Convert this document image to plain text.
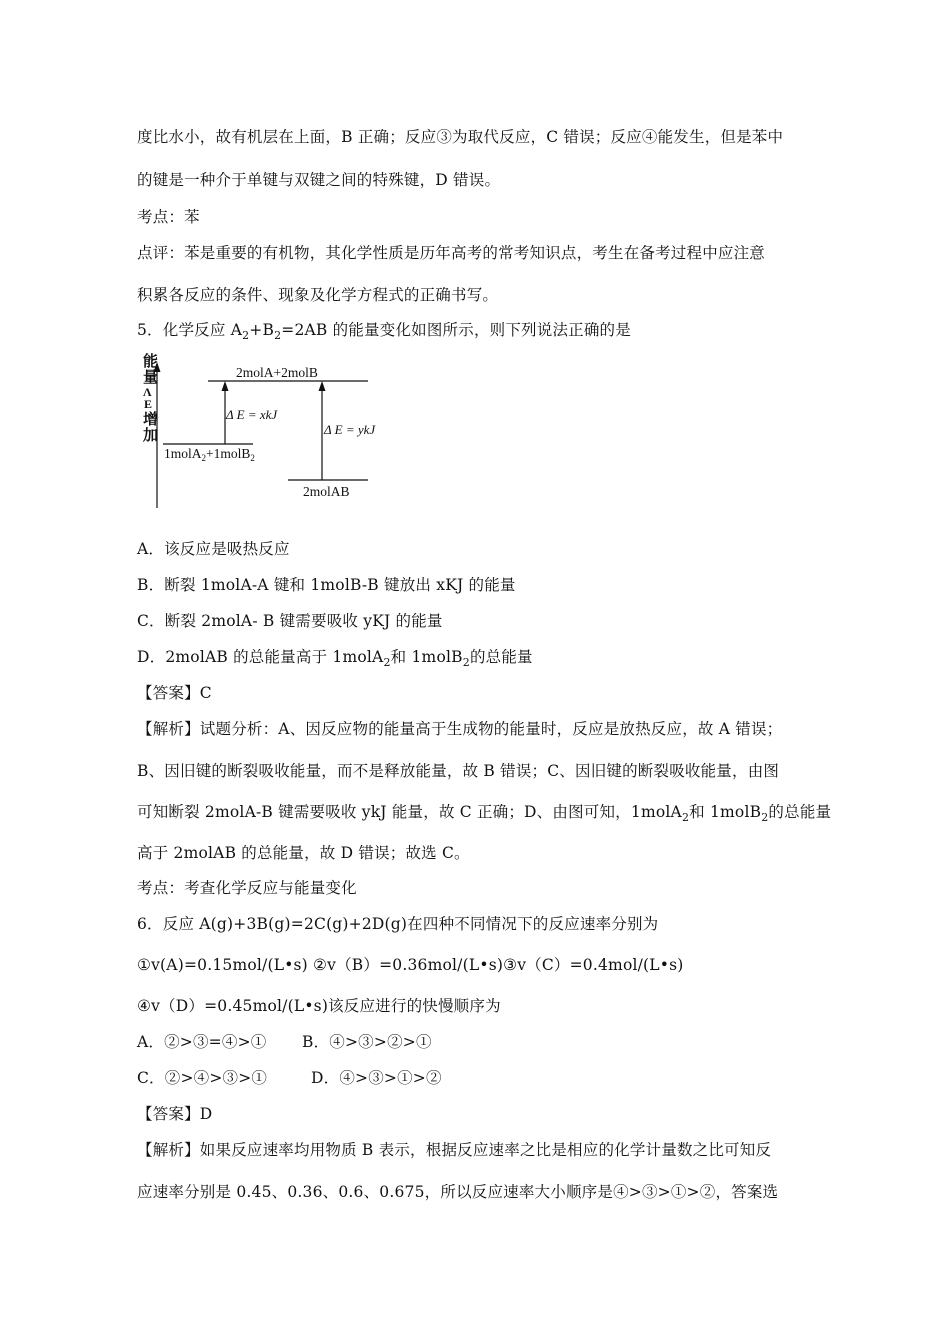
度比水小，故有机层在上面，B 正确；反应③为取代反应，C 错误；反应④能发生，但是苯中
的键是一种介于单键与双键之间的特殊键，D 错误。
考点：苯
点评：苯是重要的有机物，其化学性质是历年高考的常考知识点，考生在备考过程中应注意
积累各反应的条件、现象及化学方程式的正确书写。
5．化学反应 $A_2+B_2=2AB$ 的能量变化如图所示，则下列说法正确的是
能
量
Λ
E
增
加
2molA+2molB
1molA$_2$+1molB$_2$
2molAB
Δ E = xkJ
Δ E = ykJ
A．该反应是吸热反应
B．断裂 1molA-A 键和 1molB-B 键放出 xKJ 的能量
C．断裂 2molA- B 键需要吸收 yKJ 的能量
D．2molAB 的总能量高于 1molA$_2$和 1molB$_2$的总能量
【答案】C
【解析】试题分析：A、因反应物的能量高于生成物的能量时，反应是放热反应，故 A 错误；
B、因旧键的断裂吸收能量，而不是释放能量，故 B 错误；C、因旧键的断裂吸收能量，由图
可知断裂 2molA-B 键需要吸收 ykJ 能量，故 C 正确；D、由图可知，1molA$_2$和 1molB$_2$的总能量
高于 2molAB 的总能量，故 D 错误；故选 C。
考点：考查化学反应与能量变化
6．反应 A(g)+3B(g)=2C(g)+2D(g)在四种不同情况下的反应速率分别为
①v(A)=0.15mol/(L•s) ②v（B）=0.36mol/(L•s)③v（C）=0.4mol/(L•s)
④v（D）=0.45mol/(L•s)该反应进行的快慢顺序为
A．②>③=④>① B．④>③>②>①
C．②>④>③>①	D．④>③>①>②
【答案】D
【解析】如果反应速率均用物质 B 表示，根据反应速率之比是相应的化学计量数之比可知反
应速率分别是 0.45、0.36、0.6、0.675，所以反应速率大小顺序是④>③>①>②，答案选
